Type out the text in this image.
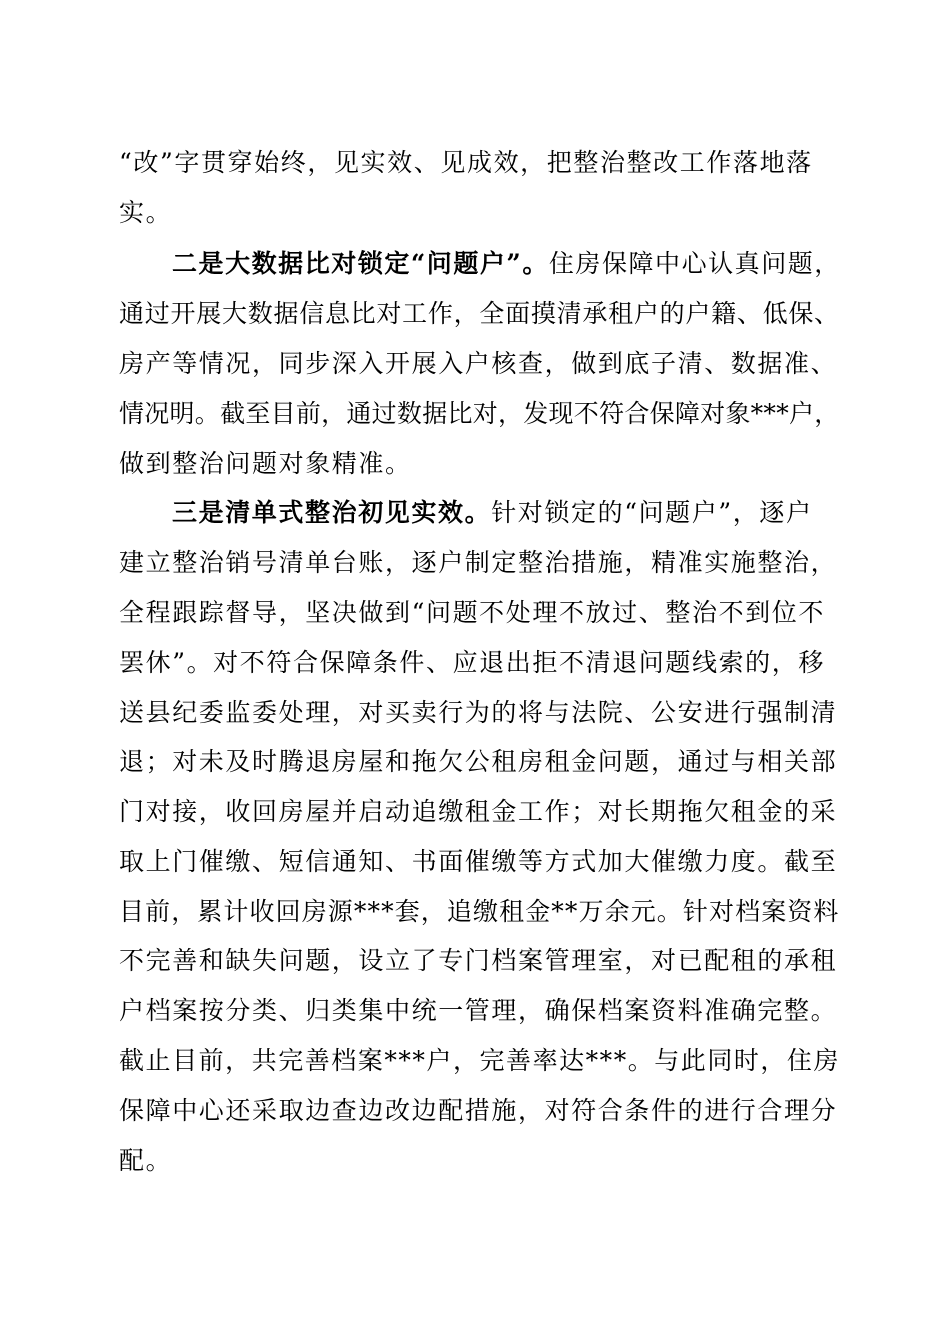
“改”字贯穿始终，见实效、见成效，把整治整改工作落地落
实。
二是大数据比对锁定“问题户”。住房保障中心认真问题，
通过开展大数据信息比对工作，全面摸清承租户的户籍、低保、
房产等情况，同步深入开展入户核查，做到底子清、数据准、
情况明。截至目前，通过数据比对，发现不符合保障对象***户，
做到整治问题对象精准。
三是清单式整治初见实效。针对锁定的“问题户”，逐户
建立整治销号清单台账，逐户制定整治措施，精准实施整治，
全程跟踪督导，坚决做到“问题不处理不放过、整治不到位不
罢休”。对不符合保障条件、应退出拒不清退问题线索的，移
送县纪委监委处理，对买卖行为的将与法院、公安进行强制清
退；对未及时腾退房屋和拖欠公租房租金问题，通过与相关部
门对接，收回房屋并启动追缴租金工作；对长期拖欠租金的采
取上门催缴、短信通知、书面催缴等方式加大催缴力度。截至
目前，累计收回房源***套，追缴租金**万余元。针对档案资料
不完善和缺失问题，设立了专门档案管理室，对已配租的承租
户档案按分类、归类集中统一管理，确保档案资料准确完整。
截止目前，共完善档案***户，完善率达***。与此同时，住房
保障中心还采取边查边改边配措施，对符合条件的进行合理分
配。
